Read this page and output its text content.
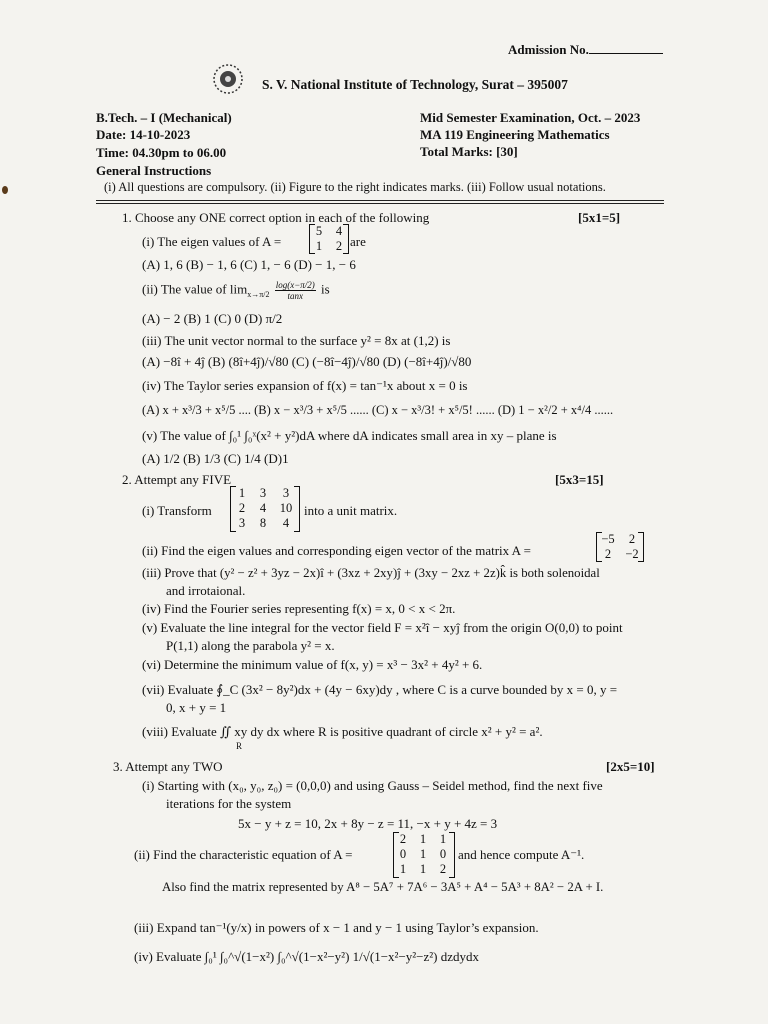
Admission No.
S. V. National Institute of Technology, Surat – 395007
B.Tech. – I (Mechanical)
Date: 14-10-2023
Time: 04.30pm to 06.00
Mid Semester Examination, Oct. – 2023
MA 119 Engineering Mathematics
Total Marks: [30]
General Instructions
(i) All questions are compulsory. (ii) Figure to the right indicates marks. (iii) Follow usual notations.
1. Choose any ONE correct option in each of the following	[5x1=5]
(i) The eigen values of A =
5	4
1	2 are
(A) 1, 6 (B) − 1, 6 (C) 1, − 6 (D) − 1, − 6
(ii) The value of $\lim_{x\to\pi/2} \frac{\log(x-\pi/2)}{\tan x}$ is
(A) − 2 (B) 1 (C) 0 (D) π/2
(iii) The unit vector normal to the surface y² = 8x at (1,2) is
(A) −8î + 4ĵ (B) (8î+4ĵ)/√80 (C) (−8î−4ĵ)/√80 (D) (−8î+4ĵ)/√80
(iv) The Taylor series expansion of f(x) = tan⁻¹x about x = 0 is
(A) x + x³/3 + x⁵/5 .... (B) x − x³/3 + x⁵/5 ...... (C) x − x³/3! + x⁵/5! ...... (D) 1 − x²/2 + x⁴/4 ......
(v) The value of ∫₀¹ ∫₀ˣ(x² + y²)dA where dA indicates small area in xy – plane is
(A) 1/2 (B) 1/3 (C) 1/4 (D)1
2. Attempt any FIVE	[5x3=15]
(i) Transform
1	3	3
2	4	10
3	8	4
into a unit matrix.
(ii) Find the eigen values and corresponding eigen vector of the matrix A =
−5	2
2	−2
(iii) Prove that (y² − z² + 3yz − 2x)î + (3xz + 2xy)ĵ + (3xy − 2xz + 2z)k̂ is both solenoidal
and irrotaional.
(iv) Find the Fourier series representing f(x) = x, 0 < x < 2π.
(v) Evaluate the line integral for the vector field F = x²î − xyĵ from the origin O(0,0) to point
P(1,1) along the parabola y² = x.
(vi) Determine the minimum value of f(x, y) = x³ − 3x² + 4y² + 6.
(vii) Evaluate ∮_C (3x² − 8y²)dx + (4y − 6xy)dy , where C is a curve bounded by x = 0, y =
0, x + y = 1
(viii) Evaluate ∬ xy dy dx where R is positive quadrant of circle x² + y² = a².
R
3. Attempt any TWO	[2x5=10]
(i) Starting with (x₀, y₀, z₀) = (0,0,0) and using Gauss – Seidel method, find the next five
iterations for the system
5x − y + z = 10, 2x + 8y − z = 11, −x + y + 4z = 3
(ii) Find the characteristic equation of A =
2	1	1
0	1	0
1	1	2
and hence compute A⁻¹.
Also find the matrix represented by A⁸ − 5A⁷ + 7A⁶ − 3A⁵ + A⁴ − 5A³ + 8A² − 2A + I.
(iii) Expand tan⁻¹(y/x) in powers of x − 1 and y − 1 using Taylor’s expansion.
(iv) Evaluate ∫₀¹ ∫₀^√(1−x²) ∫₀^√(1−x²−y²) 1/√(1−x²−y²−z²) dzdydx
